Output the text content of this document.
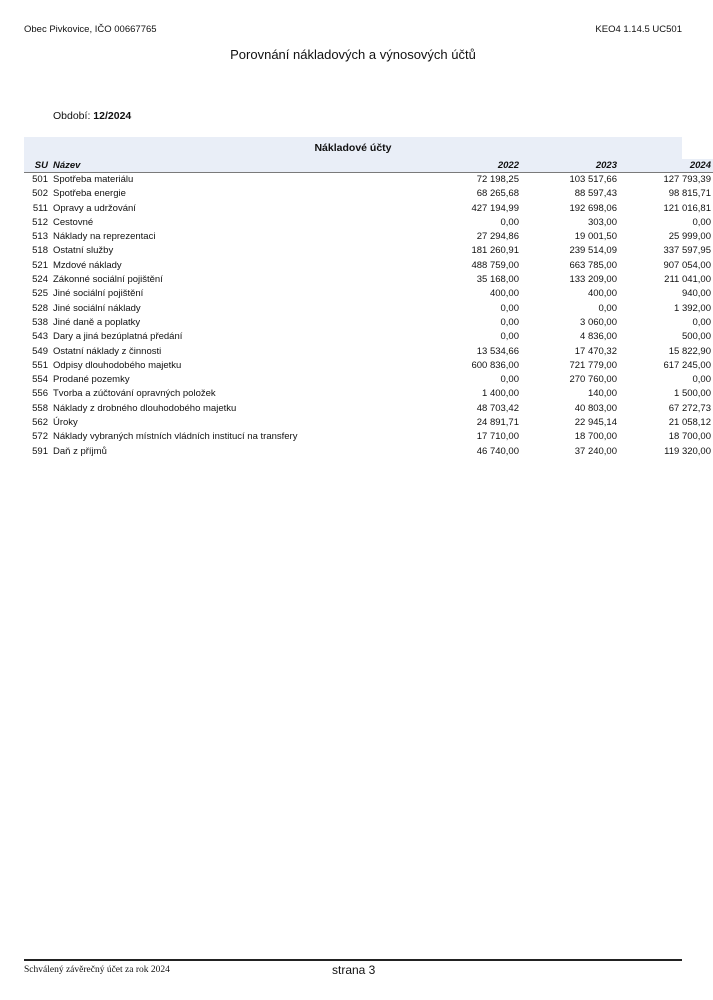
Obec Pivkovice, IČO 00667765	KEO4 1.14.5 UC501
Porovnání nákladových a výnosových účtů
Období: 12/2024
Nákladové účty
SU	Název	2022	2023	2024
501	Spotřeba materiálu	72 198,25	103 517,66	127 793,39
502	Spotřeba energie	68 265,68	88 597,43	98 815,71
511	Opravy a udržování	427 194,99	192 698,06	121 016,81
512	Cestovné	0,00	303,00	0,00
513	Náklady na reprezentaci	27 294,86	19 001,50	25 999,00
518	Ostatní služby	181 260,91	239 514,09	337 597,95
521	Mzdové náklady	488 759,00	663 785,00	907 054,00
524	Zákonné sociální pojištění	35 168,00	133 209,00	211 041,00
525	Jiné sociální pojištění	400,00	400,00	940,00
528	Jiné sociální náklady	0,00	0,00	1 392,00
538	Jiné daně a poplatky	0,00	3 060,00	0,00
543	Dary a jiná bezúplatná předání	0,00	4 836,00	500,00
549	Ostatní náklady z činnosti	13 534,66	17 470,32	15 822,90
551	Odpisy dlouhodobého majetku	600 836,00	721 779,00	617 245,00
554	Prodané pozemky	0,00	270 760,00	0,00
556	Tvorba a zúčtování opravných položek	1 400,00	140,00	1 500,00
558	Náklady z drobného dlouhodobého majetku	48 703,42	40 803,00	67 272,73
562	Úroky	24 891,71	22 945,14	21 058,12
572	Náklady vybraných místních vládních institucí na transfery	17 710,00	18 700,00	18 700,00
591	Daň z příjmů	46 740,00	37 240,00	119 320,00
Schválený závěrečný účet za rok 2024	strana 3
